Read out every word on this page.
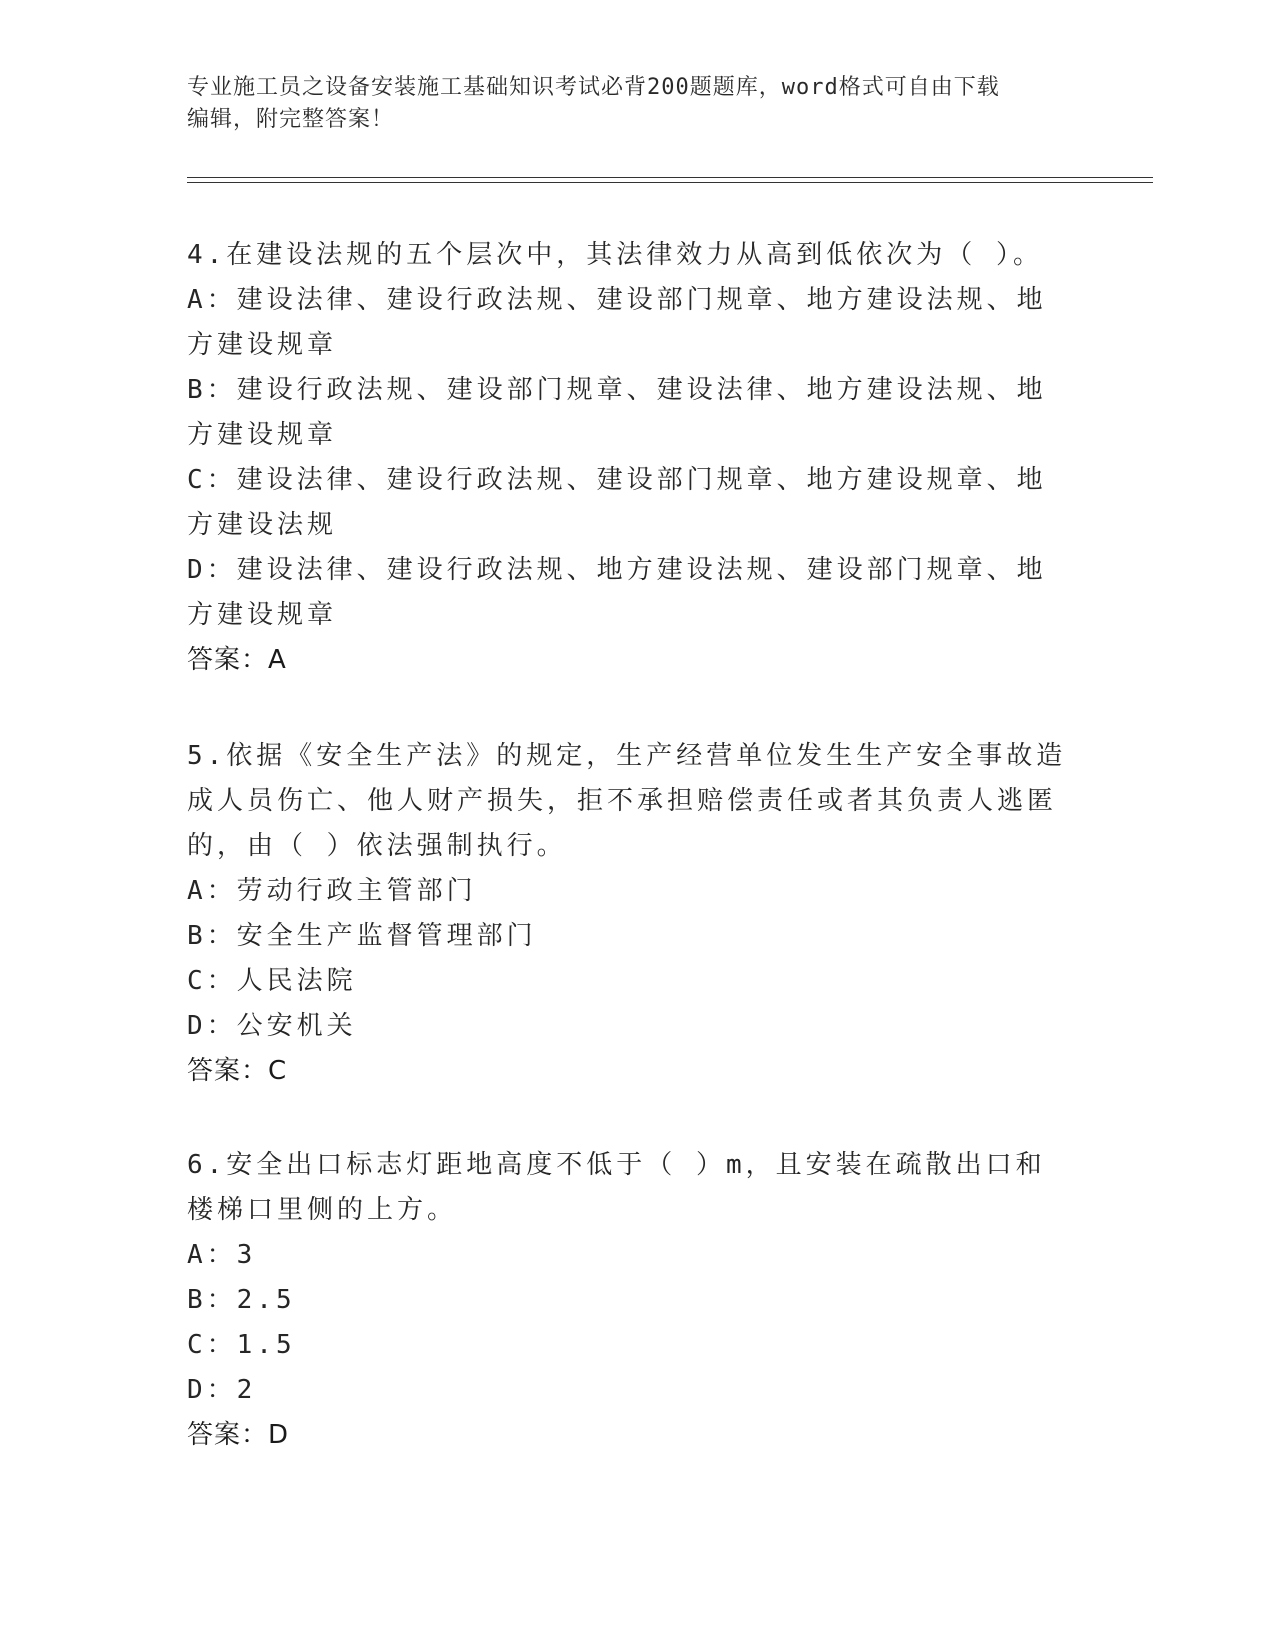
专业施工员之设备安装施工基础知识考试必背200题题库，word格式可自由下载
编辑，附完整答案！

4.在建设法规的五个层次中，其法律效力从高到低依次为（ ）。

A：建设法律、建设行政法规、建设部门规章、地方建设法规、地方建设规章

B：建设行政法规、建设部门规章、建设法律、地方建设法规、地方建设规章

C：建设法律、建设行政法规、建设部门规章、地方建设规章、地方建设法规

D：建设法律、建设行政法规、地方建设法规、建设部门规章、地方建设规章

答案：A

5.依据《安全生产法》的规定，生产经营单位发生生产安全事故造成人员伤亡、他人财产损失，拒不承担赔偿责任或者其负责人逃匿的，由（ ）依法强制执行。

A：劳动行政主管部门

B：安全生产监督管理部门

C：人民法院

D：公安机关

答案：C

6.安全出口标志灯距地高度不低于（ ）m，且安装在疏散出口和楼梯口里侧的上方。

A：3

B：2.5

C：1.5

D：2

答案：D
